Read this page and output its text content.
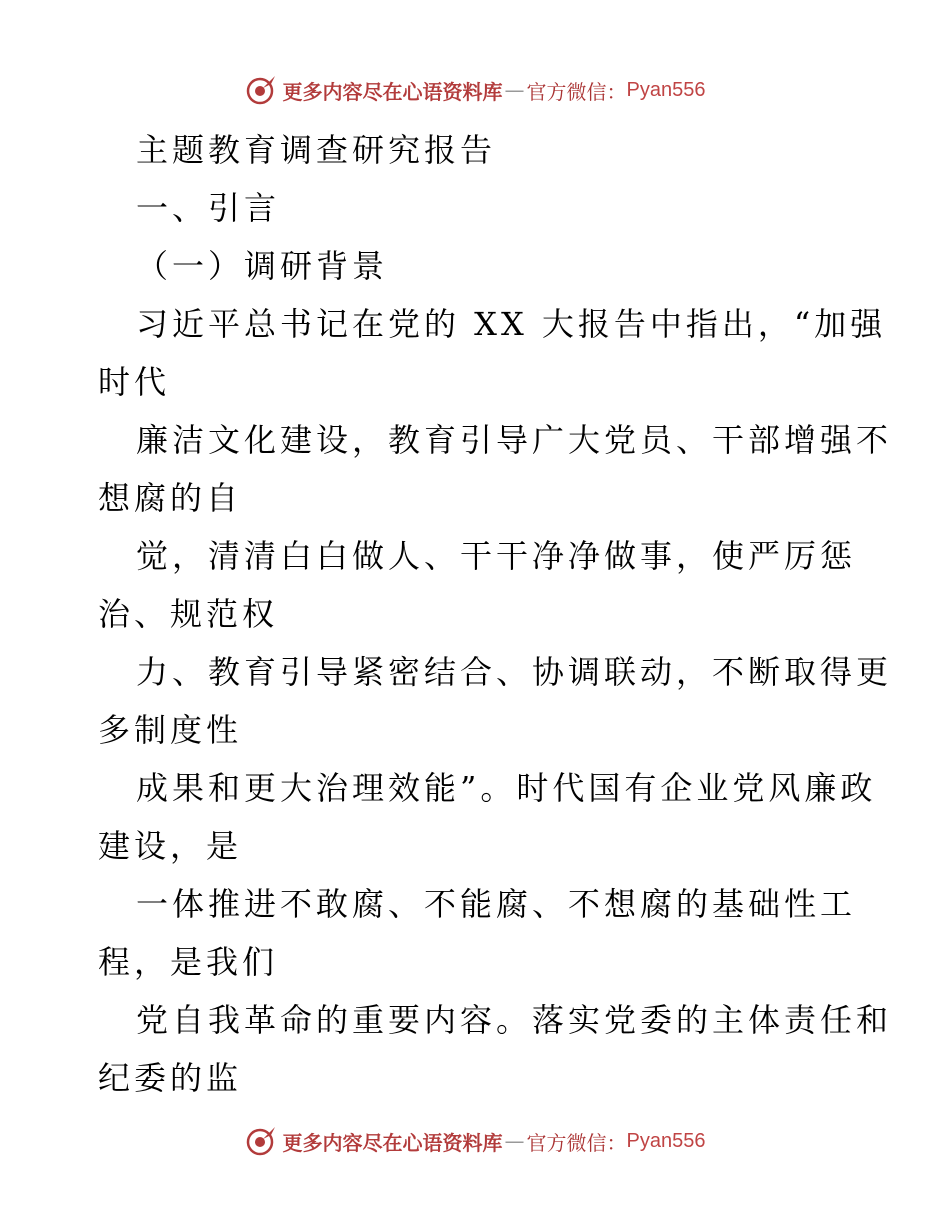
更多内容尽在心语资料库 — 官方微信： Pyan556
主题教育调查研究报告
一、引言
（一）调研背景
习近平总书记在党的 XX 大报告中指出，“加强
时代
廉洁文化建设，教育引导广大党员、干部增强不
想腐的自
觉，清清白白做人、干干净净做事，使严厉惩
治、规范权
力、教育引导紧密结合、协调联动，不断取得更
多制度性
成果和更大治理效能”。时代国有企业党风廉政
建设，是
一体推进不敢腐、不能腐、不想腐的基础性工
程，是我们
党自我革命的重要内容。落实党委的主体责任和
纪委的监
更多内容尽在心语资料库 — 官方微信： Pyan556
